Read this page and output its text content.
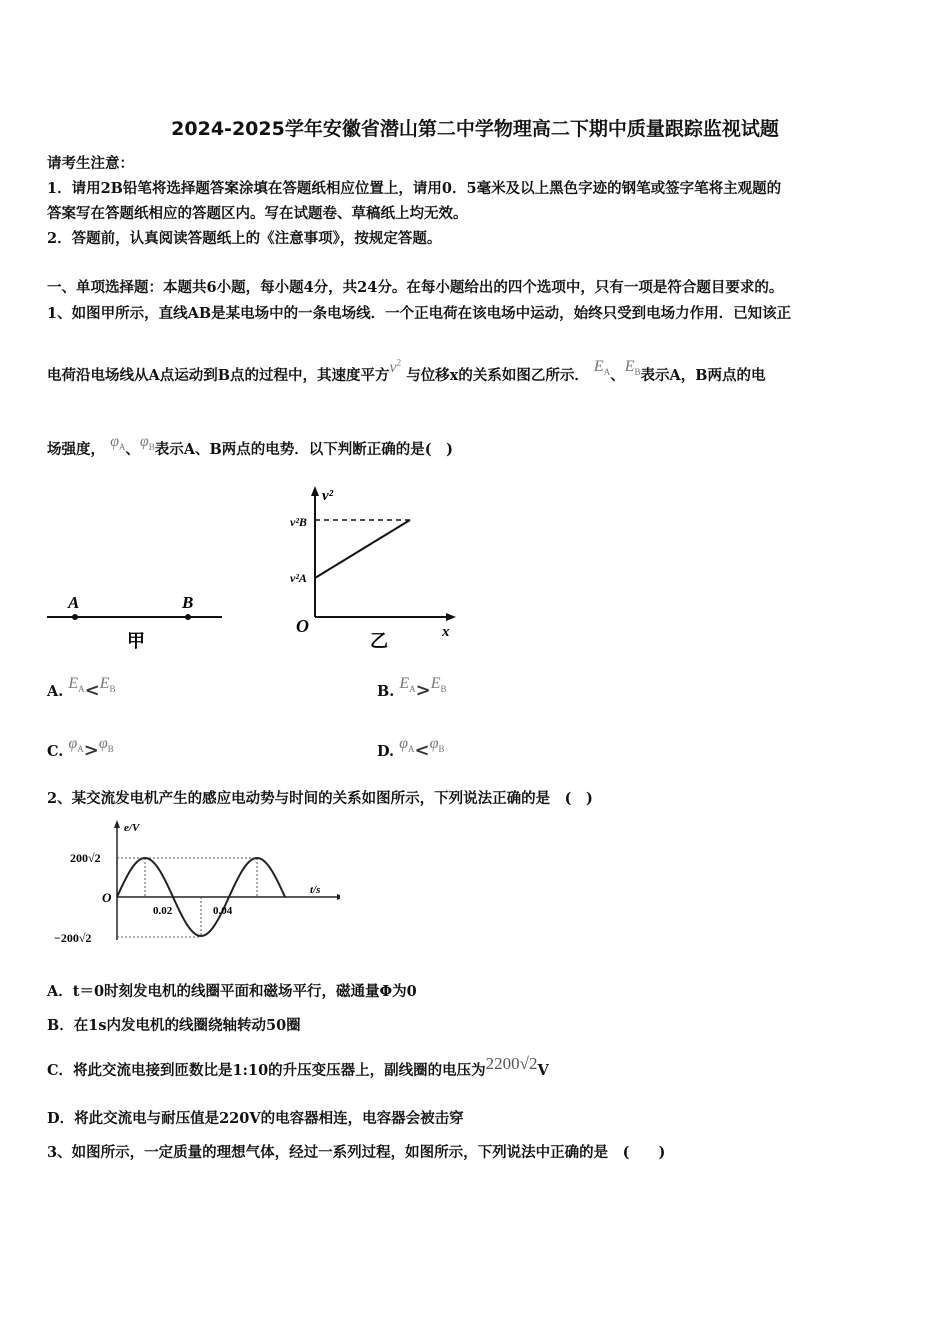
2024-2025学年安徽省潜山第二中学物理高二下期中质量跟踪监视试题
请考生注意：
1．请用2B铅笔将选择题答案涂填在答题纸相应位置上，请用0．5毫米及以上黑色字迹的钢笔或签字笔将主观题的
答案写在答题纸相应的答题区内。写在试题卷、草稿纸上均无效。
2．答题前，认真阅读答题纸上的《注意事项》，按规定答题。
一、单项选择题：本题共6小题，每小题4分，共24分。在每小题给出的四个选项中，只有一项是符合题目要求的。
1、如图甲所示，直线AB是某电场中的一条电场线．一个正电荷在该电场中运动，始终只受到电场力作用．已知该正
电荷沿电场线从A点运动到B点的过程中，其速度平方$v^2$ 与位移x的关系如图乙所示． $E_A$、$E_B$表示A，B两点的电
场强度， $\varphi_A$、$\varphi_B$表示A、B两点的电势．以下判断正确的是(　)
A	B
甲
v²
v²B
v²A
O	x
乙
A. $E_A<E_B$	B. $E_A>E_B$
C. $\varphi_A>\varphi_B$	D. $\varphi_A<\varphi_B$
2、某交流发电机产生的感应电动势与时间的关系如图所示，下列说法正确的是　(　)
e/V
t/s
200√2
−200√2
O
0.02	0.04
A．t＝0时刻发电机的线圈平面和磁场平行，磁通量Φ为0
B．在1s内发电机的线圈绕轴转动50圈
C．将此交流电接到匝数比是1:10的升压变压器上，副线圈的电压为2200√2V
D．将此交流电与耐压值是220V的电容器相连，电容器会被击穿
3、如图所示，一定质量的理想气体，经过一系列过程，如图所示，下列说法中正确的是　(　　)
